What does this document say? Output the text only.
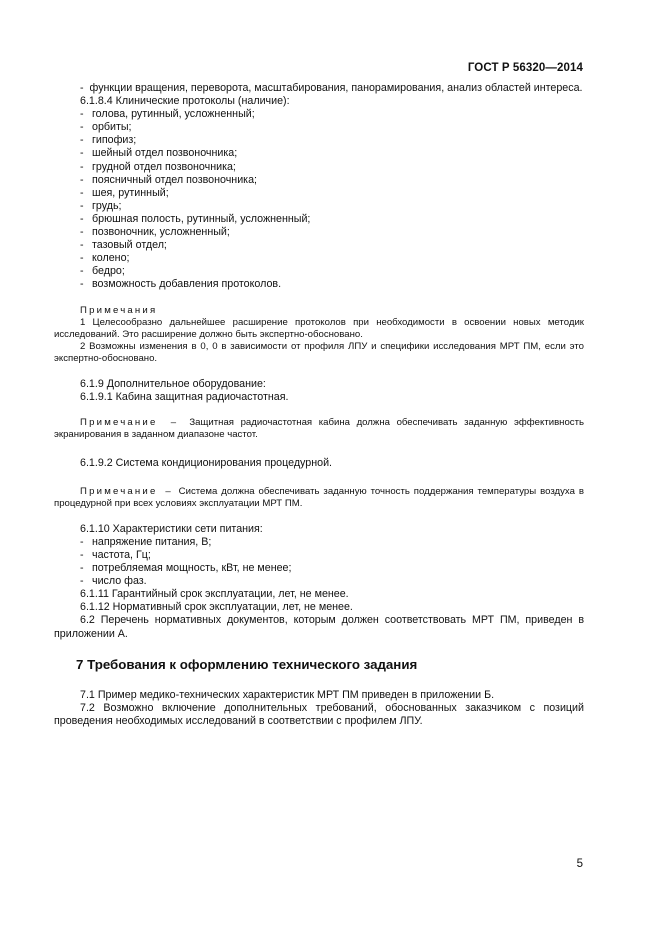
ГОСТ Р 56320—2014

- функции вращения, переворота, масштабирования, панорамирования, анализ областей интереса.

6.1.8.4 Клинические протоколы (наличие):

- голова, рутинный, усложненный;

- орбиты;

- гипофиз;

- шейный отдел позвоночника;

- грудной отдел позвоночника;

- поясничный отдел позвоночника;

- шея, рутинный;

- грудь;

- брюшная полость, рутинный, усложненный;

- позвоночник, усложненный;

- тазовый отдел;

- колено;

- бедро;

- возможность добавления протоколов.

Примечания

1 Целесообразно дальнейшее расширение протоколов при необходимости в освоении новых методик исследований. Это расширение должно быть экспертно-обосновано.

2 Возможны изменения в 0, 0 в зависимости от профиля ЛПУ и специфики исследования МРТ ПМ, если это экспертно-обосновано.

6.1.9 Дополнительное оборудование:

6.1.9.1 Кабина защитная радиочастотная.

Примечание – Защитная радиочастотная кабина должна обеспечивать заданную эффективность экранирования в заданном диапазоне частот.

6.1.9.2 Система кондиционирования процедурной.

Примечание – Система должна обеспечивать заданную точность поддержания температуры воздуха в процедурной при всех условиях эксплуатации МРТ ПМ.

6.1.10 Характеристики сети питания:

- напряжение питания, В;

- частота, Гц;

- потребляемая мощность, кВт, не менее;

- число фаз.

6.1.11 Гарантийный срок эксплуатации, лет, не менее.

6.1.12 Нормативный срок эксплуатации, лет, не менее.

6.2 Перечень нормативных документов, которым должен соответствовать МРТ ПМ, приведен в приложении А.

7 Требования к оформлению технического задания

7.1 Пример медико-технических характеристик МРТ ПМ приведен в приложении Б.

7.2 Возможно включение дополнительных требований, обоснованных заказчиком с позиций проведения необходимых исследований в соответствии с профилем ЛПУ.

5
